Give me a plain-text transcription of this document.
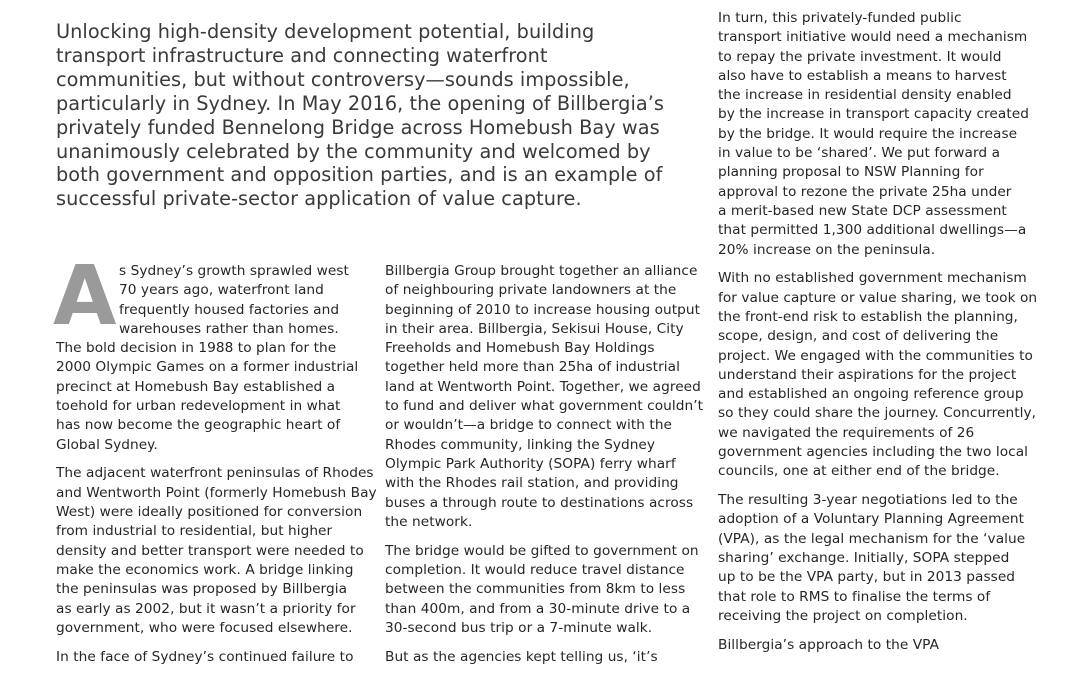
Unlocking high-density development potential, building
transport infrastructure and connecting waterfront
communities, but without controversy—sounds impossible,
particularly in Sydney. In May 2016, the opening of Billbergia’s
privately funded Bennelong Bridge across Homebush Bay was
unanimously celebrated by the community and welcomed by
both government and opposition parties, and is an example of
successful private-sector application of value capture.
A s Sydney’s growth sprawled west
70 years ago, waterfront land
frequently housed factories and
warehouses rather than homes.
The bold decision in 1988 to plan for the
2000 Olympic Games on a former industrial
precinct at Homebush Bay established a
toehold for urban redevelopment in what
has now become the geographic heart of
Global Sydney.
The adjacent waterfront peninsulas of Rhodes
and Wentworth Point (formerly Homebush Bay
West) were ideally positioned for conversion
from industrial to residential, but higher
density and better transport were needed to
make the economics work. A bridge linking
the peninsulas was proposed by Billbergia
as early as 2002, but it wasn’t a priority for
government, who were focused elsewhere.
In the face of Sydney’s continued failure to
Billbergia Group brought together an alliance
of neighbouring private landowners at the
beginning of 2010 to increase housing output
in their area. Billbergia, Sekisui House, City
Freeholds and Homebush Bay Holdings
together held more than 25ha of industrial
land at Wentworth Point. Together, we agreed
to fund and deliver what government couldn’t
or wouldn’t—a bridge to connect with the
Rhodes community, linking the Sydney
Olympic Park Authority (SOPA) ferry wharf
with the Rhodes rail station, and providing
buses a through route to destinations across
the network.
The bridge would be gifted to government on
completion. It would reduce travel distance
between the communities from 8km to less
than 400m, and from a 30-minute drive to a
30-second bus trip or a 7-minute walk.
But as the agencies kept telling us, ‘it’s
In turn, this privately-funded public
transport initiative would need a mechanism
to repay the private investment. It would
also have to establish a means to harvest
the increase in residential density enabled
by the increase in transport capacity created
by the bridge. It would require the increase
in value to be ‘shared’. We put forward a
planning proposal to NSW Planning for
approval to rezone the private 25ha under
a merit-based new State DCP assessment
that permitted 1,300 additional dwellings—a
20% increase on the peninsula.
With no established government mechanism
for value capture or value sharing, we took on
the front-end risk to establish the planning,
scope, design, and cost of delivering the
project. We engaged with the communities to
understand their aspirations for the project
and established an ongoing reference group
so they could share the journey. Concurrently,
we navigated the requirements of 26
government agencies including the two local
councils, one at either end of the bridge.
The resulting 3-year negotiations led to the
adoption of a Voluntary Planning Agreement
(VPA), as the legal mechanism for the ‘value
sharing’ exchange. Initially, SOPA stepped
up to be the VPA party, but in 2013 passed
that role to RMS to finalise the terms of
receiving the project on completion.
Billbergia’s approach to the VPA
